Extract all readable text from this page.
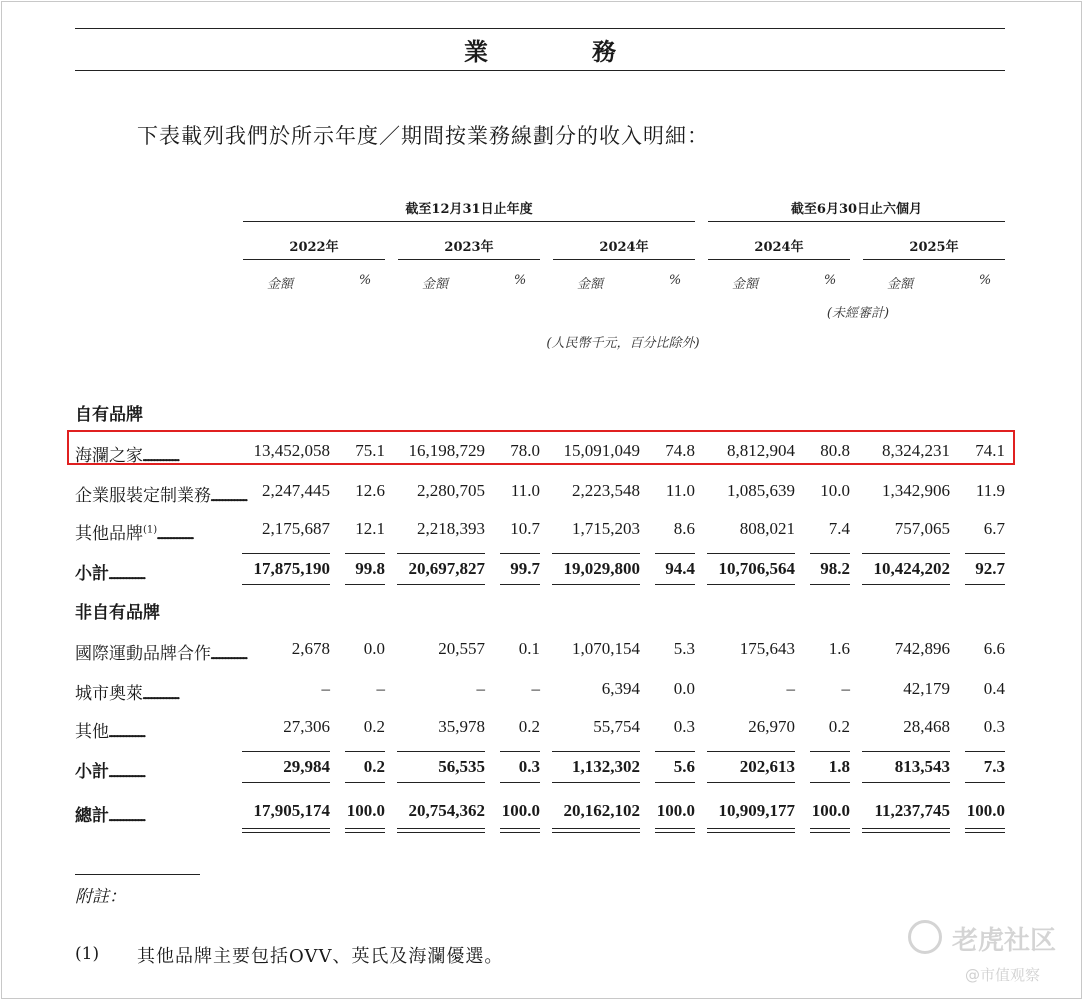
業　務
下表載列我們於所示年度／期間按業務線劃分的收入明細：
截至12月31日止年度	截至6月30日止六個月
2022年
金額	%
2023年
金額	%
2024年
金額	%
2024年
金額	%
2025年
金額	%
(未經審計)
(人民幣千元，百分比除外)
自有品牌
海瀾之家 ．．．．．．．．．．．．．．．．．．．．．．．．	13,452,058	75.1	16,198,729	78.0	15,091,049	74.8	8,812,904	80.8	8,324,231	74.1
企業服裝定制業務 ．．．．．．．．．．．．．．．．．．．．．．．． 2,247,445	12.6	2,280,705	11.0	2,223,548	11.0	1,085,639	10.0	1,342,906	11.9
其他品牌$^{(1)}$ ．．．．．．．．．．．．．．．．．．．．．．．．	2,175,687	12.1	2,218,393	10.7	1,715,203	8.6	808,021	7.4	757,065	6.7
小計 ．．．．．．．．．．．．．．．．．．．．．．．．	17,875,190	99.8	20,697,827	99.7	19,029,800	94.4	10,706,564	98.2	10,424,202	92.7
非自有品牌
國際運動品牌合作 ．．．．．．．．．．．．．．．．．．．．．．．．	2,678	0.0	20,557	0.1	1,070,154	5.3	175,643	1.6	742,896	6.6
城市奧萊 ．．．．．．．．．．．．．．．．．．．．．．．．	–	–	–	–	6,394	0.0	–	–	42,179	0.4
其他 ．．．．．．．．．．．．．．．．．．．．．．．．	27,306	0.2	35,978	0.2	55,754	0.3	26,970	0.2	28,468	0.3
小計 ．．．．．．．．．．．．．．．．．．．．．．．．	29,984	0.2	56,535	0.3	1,132,302	5.6	202,613	1.8	813,543	7.3
總計 ．．．．．．．．．．．．．．．．．．．．．．．．	17,905,174 100.0	20,754,362 100.0	20,162,102 100.0	10,909,177 100.0	11,237,745 100.0
附註：
(1) 其他品牌主要包括OVV、英氏及海瀾優選。
老虎社区
@市值观察
